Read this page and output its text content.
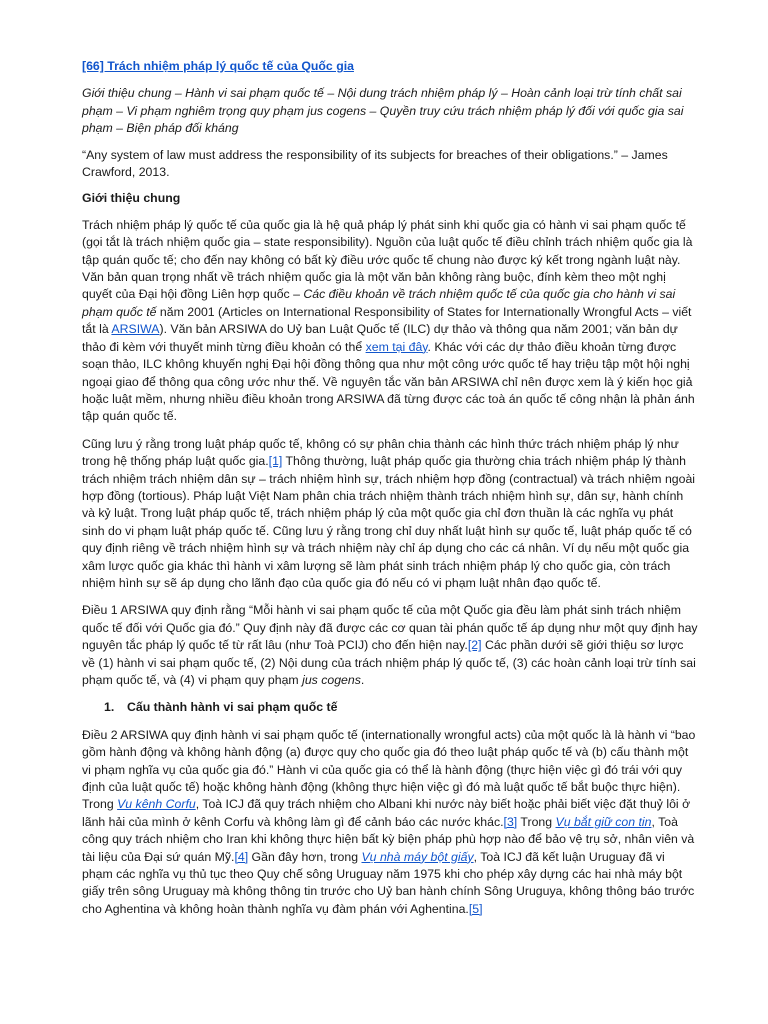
[66] Trách nhiệm pháp lý quốc tế của Quốc gia

Giới thiệu chung – Hành vi sai phạm quốc tế – Nội dung trách nhiệm pháp lý – Hoàn cảnh loại trừ tính chất sai phạm – Vi phạm nghiêm trọng quy phạm jus cogens – Quyền truy cứu trách nhiệm pháp lý đối với quốc gia sai phạm – Biện pháp đối kháng

“Any system of law must address the responsibility of its subjects for breaches of their obligations.” – James Crawford, 2013.

Giới thiệu chung

Trách nhiệm pháp lý quốc tế của quốc gia là hệ quả pháp lý phát sinh khi quốc gia có hành vi sai phạm quốc tế (gọi tắt là trách nhiệm quốc gia – state responsibility). Nguồn của luật quốc tế điều chỉnh trách nhiệm quốc gia là tập quán quốc tế; cho đến nay không có bất kỳ điều ước quốc tế chung nào được ký kết trong ngành luật này. Văn bản quan trọng nhất về trách nhiệm quốc gia là một văn bản không ràng buộc, đính kèm theo một nghị quyết của Đại hội đồng Liên hợp quốc – Các điều khoản về trách nhiệm quốc tế của quốc gia cho hành vi sai phạm quốc tế năm 2001 (Articles on International Responsibility of States for Internationally Wrongful Acts – viết tắt là ARSIWA). Văn bản ARSIWA do Uỷ ban Luật Quốc tế (ILC) dự thảo và thông qua năm 2001; văn bản dự thảo đi kèm với thuyết minh từng điều khoản có thể xem tại đây. Khác với các dự thảo điều khoản từng được soạn thảo, ILC không khuyến nghị Đại hội đồng thông qua như một công ước quốc tế hay triệu tập một hội nghị ngoại giao để thông qua công ước như thế. Về nguyên tắc văn bản ARSIWA chỉ nên được xem là ý kiến học giả hoặc luật mềm, nhưng nhiều điều khoản trong ARSIWA đã từng được các toà án quốc tế công nhận là phản ánh tập quán quốc tế.

Cũng lưu ý rằng trong luật pháp quốc tế, không có sự phân chia thành các hình thức trách nhiệm pháp lý như trong hệ thống pháp luật quốc gia.[1] Thông thường, luật pháp quốc gia thường chia trách nhiệm pháp lý thành trách nhiệm trách nhiệm dân sự – trách nhiệm hình sự, trách nhiệm hợp đồng (contractual) và trách nhiệm ngoài hợp đồng (tortious). Pháp luật Việt Nam phân chia trách nhiệm thành trách nhiệm hình sự, dân sự, hành chính và kỷ luật. Trong luật pháp quốc tế, trách nhiệm pháp lý của một quốc gia chỉ đơn thuần là các nghĩa vụ phát sinh do vi phạm luật pháp quốc tế. Cũng lưu ý rằng trong chỉ duy nhất luật hình sự quốc tế, luật pháp quốc tế có quy định riêng về trách nhiệm hình sự và trách nhiệm này chỉ áp dụng cho các cá nhân. Ví dụ nếu một quốc gia xâm lược quốc gia khác thì hành vi xâm lượng sẽ làm phát sinh trách nhiệm pháp lý cho quốc gia, còn trách nhiệm hình sự sẽ áp dụng cho lãnh đạo của quốc gia đó nếu có vi phạm luật nhân đạo quốc tế.

Điều 1 ARSIWA quy định rằng “Mỗi hành vi sai phạm quốc tế của một Quốc gia đều làm phát sinh trách nhiệm quốc tế đối với Quốc gia đó.” Quy định này đã được các cơ quan tài phán quốc tế áp dụng như một quy định hay nguyên tắc pháp lý quốc tế từ rất lâu (như Toà PCIJ) cho đến hiện nay.[2] Các phần dưới sẽ giới thiệu sơ lược về (1) hành vi sai phạm quốc tế, (2) Nội dung của trách nhiệm pháp lý quốc tế, (3) các hoàn cảnh loại trừ tính sai phạm quốc tế, và (4) vi phạm quy phạm jus cogens.

1.	Cấu thành hành vi sai phạm quốc tế

Điều 2 ARSIWA quy định hành vi sai phạm quốc tế (internationally wrongful acts) của một quốc là là hành vi “bao gồm hành động và không hành động (a) được quy cho quốc gia đó theo luật pháp quốc tế và (b) cấu thành một vi phạm nghĩa vụ của quốc gia đó.” Hành vi của quốc gia có thể là hành động (thực hiện việc gì đó trái với quy định của luật quốc tế) hoặc không hành động (không thực hiện việc gì đó mà luật quốc tế bắt buộc thực hiện). Trong Vụ kênh Corfu, Toà ICJ đã quy trách nhiệm cho Albani khi nước này biết hoặc phải biết việc đặt thuỷ lôi ở lãnh hải của mình ở kênh Corfu và không làm gì để cảnh báo các nước khác.[3] Trong Vụ bắt giữ con tin, Toà công quy trách nhiệm cho Iran khi không thực hiện bất kỳ biện pháp phù hợp nào để bảo vệ trụ sở, nhân viên và tài liệu của Đại sứ quán Mỹ.[4] Gần đây hơn, trong Vụ nhà máy bột giấy, Toà ICJ đã kết luận Uruguay đã vi phạm các nghĩa vụ thủ tục theo Quy chế sông Uruguay năm 1975 khi cho phép xây dựng các hai nhà máy bột giấy trên sông Uruguay mà không thông tin trước cho Uỷ ban hành chính Sông Uruguya, không thông báo trước cho Aghentina và không hoàn thành nghĩa vụ đàm phán với Aghentina.[5]
